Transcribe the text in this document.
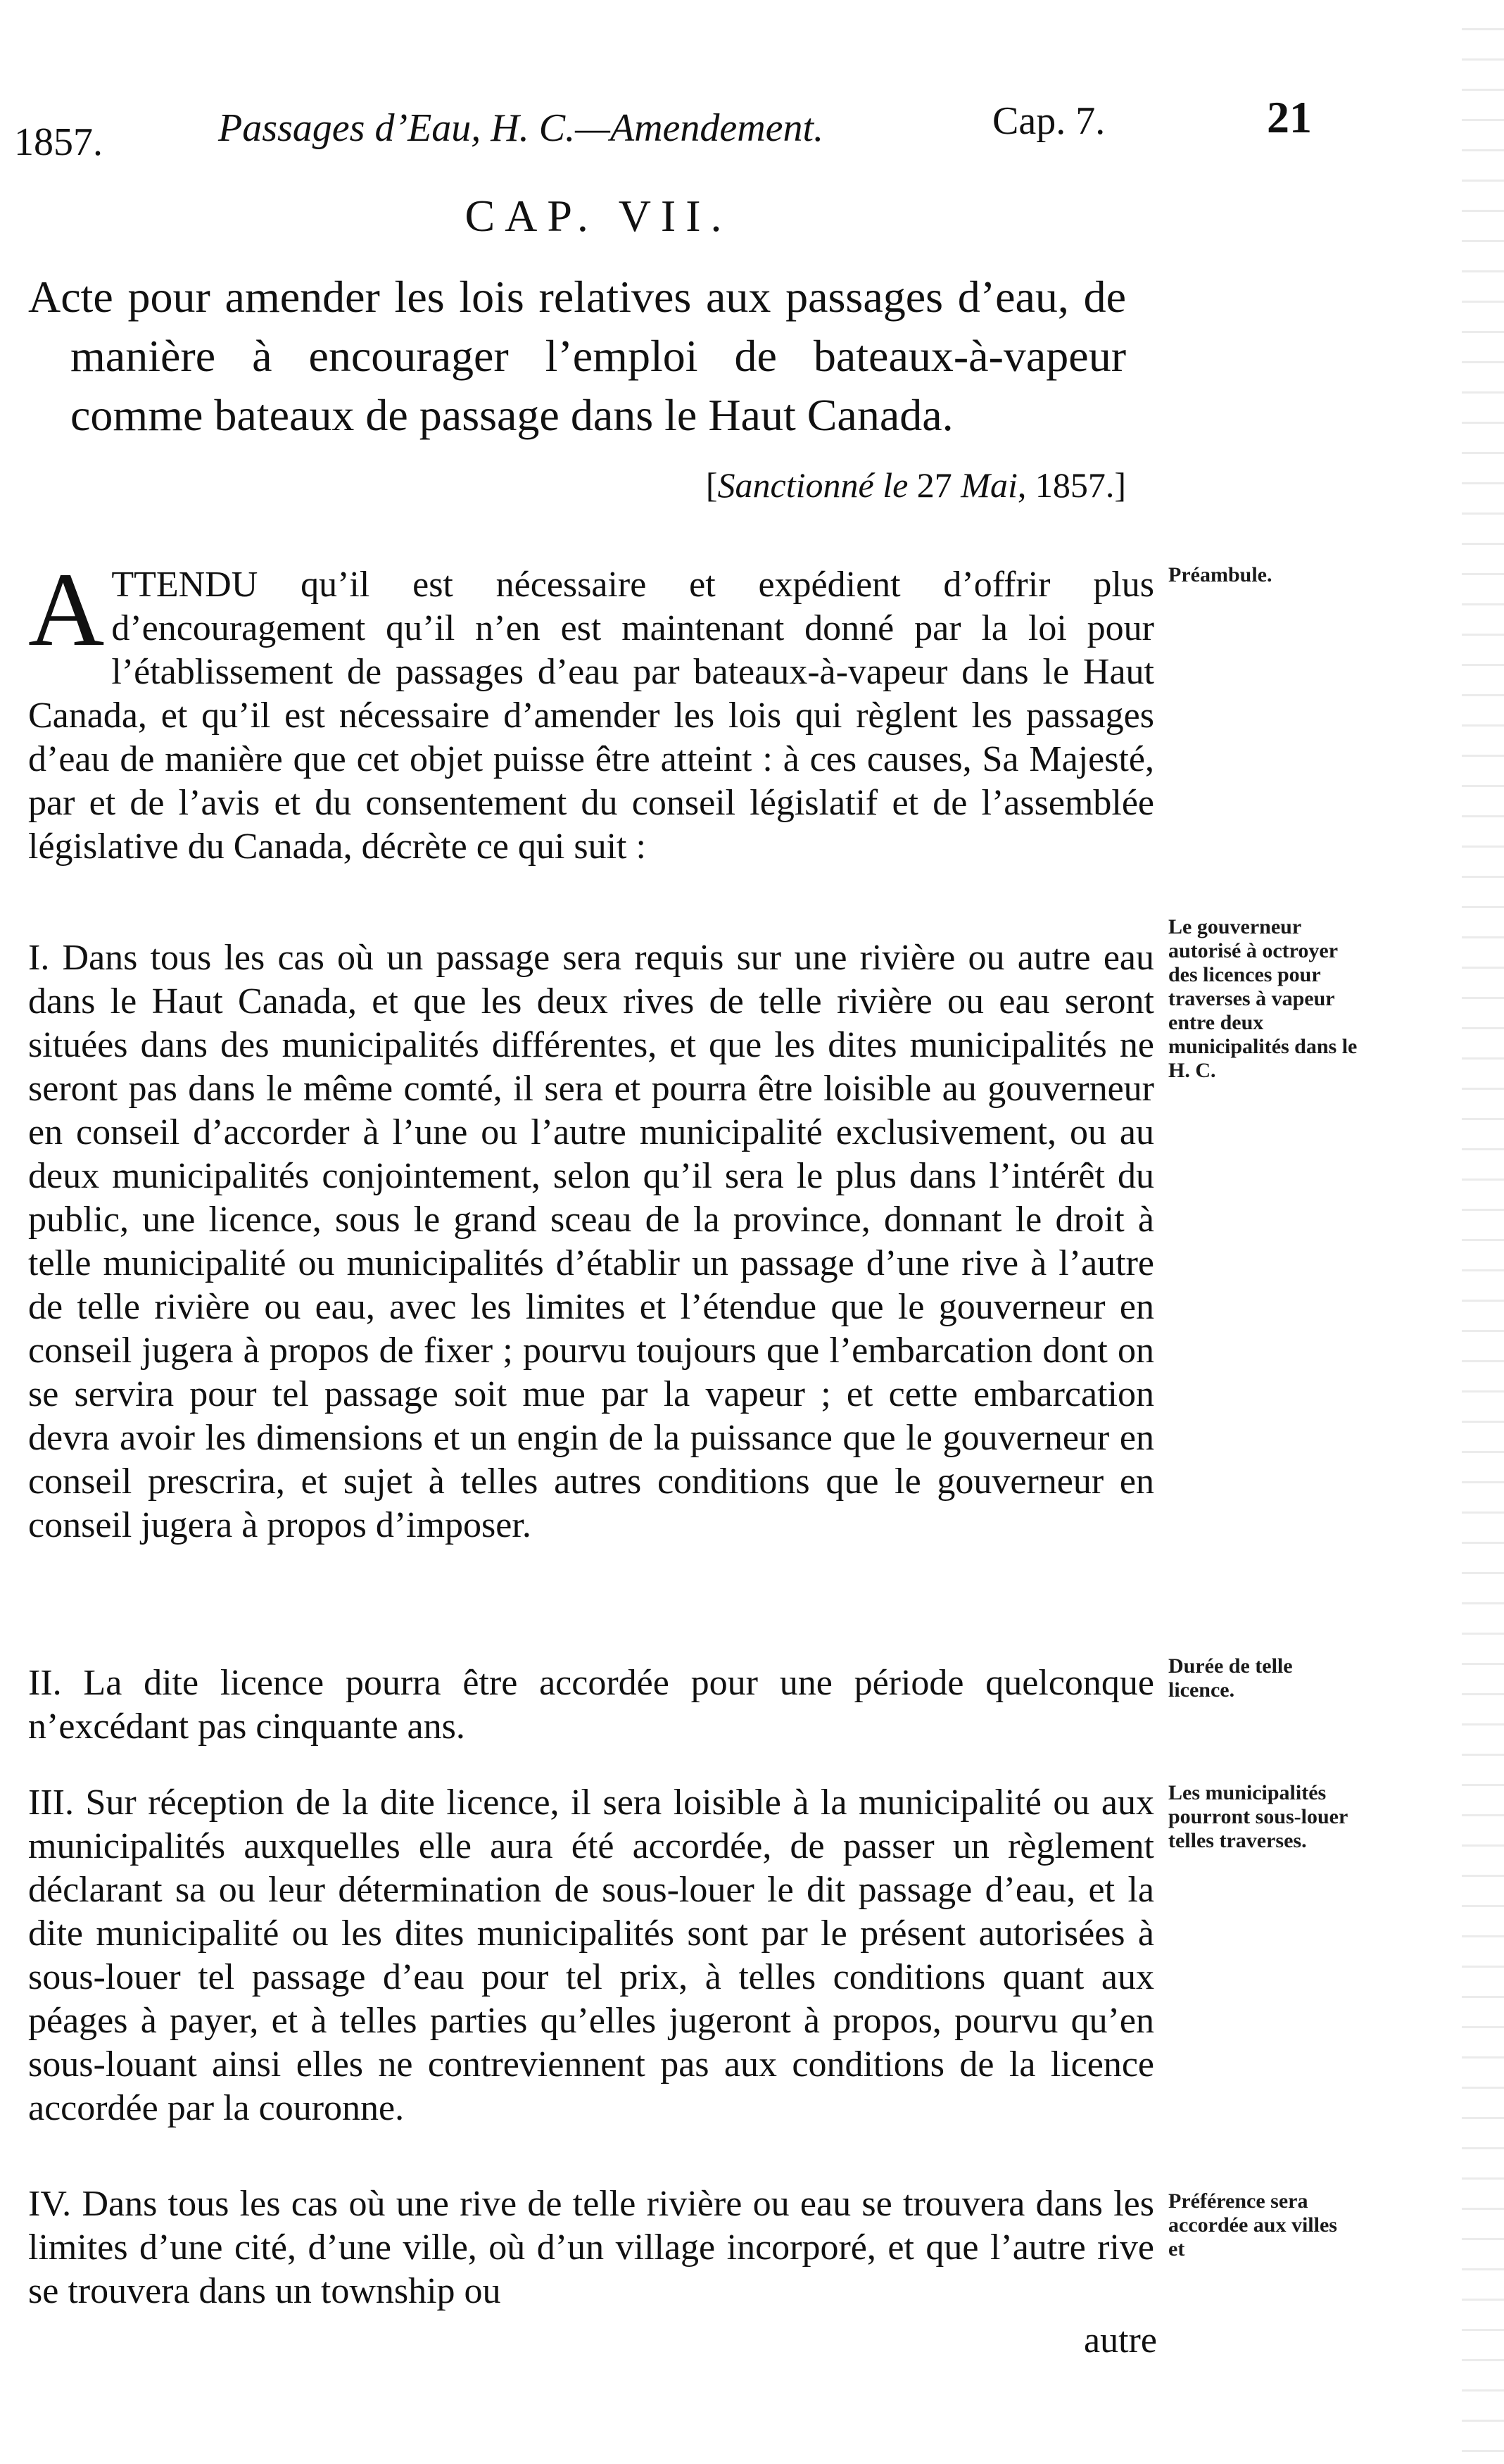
1857.	Passages d’Eau, H. C.—Amendement.	Cap. 7.	21
CAP. VII.
Acte pour amender les lois relatives aux passages d’eau, de manière à encourager l’emploi de bateaux-à-vapeur comme bateaux de passage dans le Haut Canada.
[Sanctionné le 27 Mai, 1857.]

ATTENDU qu’il est nécessaire et expédient d’offrir plus d’encouragement qu’il n’en est maintenant donné par la loi pour l’établissement de passages d’eau par bateaux-à-vapeur dans le Haut Canada, et qu’il est nécessaire d’amender les lois qui règlent les passages d’eau de manière que cet objet puisse être atteint : à ces causes, Sa Majesté, par et de l’avis et du consentement du conseil législatif et de l’assemblée législative du Canada, décrète ce qui suit :

Préambule.

I. Dans tous les cas où un passage sera requis sur une rivière ou autre eau dans le Haut Canada, et que les deux rives de telle rivière ou eau seront situées dans des municipalités différentes, et que les dites municipalités ne seront pas dans le même comté, il sera et pourra être loisible au gouverneur en conseil d’accorder à l’une ou l’autre municipalité exclusivement, ou au deux municipalités conjointement, selon qu’il sera le plus dans l’intérêt du public, une licence, sous le grand sceau de la province, donnant le droit à telle municipalité ou municipalités d’établir un passage d’une rive à l’autre de telle rivière ou eau, avec les limites et l’étendue que le gouverneur en conseil jugera à propos de fixer ; pourvu toujours que l’embarcation dont on se servira pour tel passage soit mue par la vapeur ; et cette embarcation devra avoir les dimensions et un engin de la puissance que le gouverneur en conseil prescrira, et sujet à telles autres conditions que le gouverneur en conseil jugera à propos d’imposer.

Le gouverneur autorisé à octroyer des licences pour traverses à vapeur entre deux municipalités dans le H. C.

II. La dite licence pourra être accordée pour une période quelconque n’excédant pas cinquante ans.

Durée de telle licence.

III. Sur réception de la dite licence, il sera loisible à la municipalité ou aux municipalités auxquelles elle aura été accordée, de passer un règlement déclarant sa ou leur détermination de sous-louer le dit passage d’eau, et la dite municipalité ou les dites municipalités sont par le présent autorisées à sous-louer tel passage d’eau pour tel prix, à telles conditions quant aux péages à payer, et à telles parties qu’elles jugeront à propos, pourvu qu’en sous-louant ainsi elles ne contreviennent pas aux conditions de la licence accordée par la couronne.

Les municipalités pourront sous-louer telles traverses.

IV. Dans tous les cas où une rive de telle rivière ou eau se trouvera dans les limites d’une cité, d’une ville, où d’un village incorporé, et que l’autre rive se trouvera dans un township ou

Préférence sera accordée aux villes et
autre
